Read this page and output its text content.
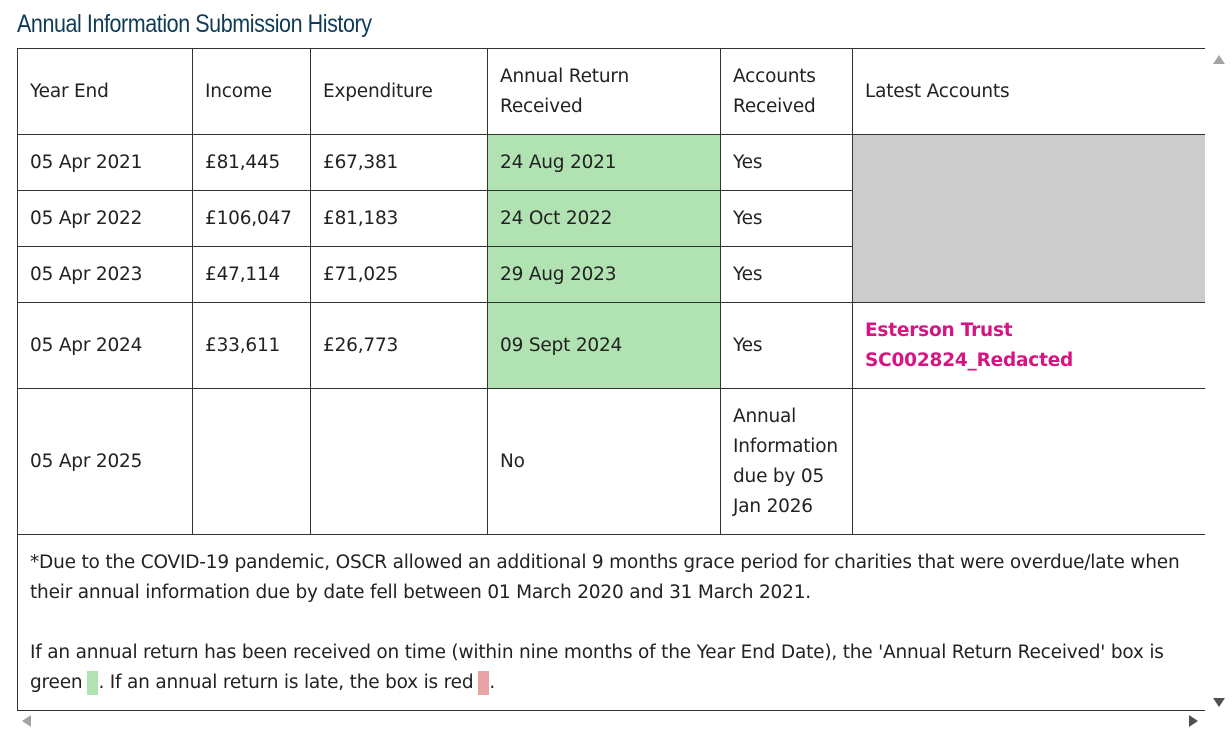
Annual Information Submission History
Year End	Income	Expenditure	Annual Return Received	Accounts Received	Latest Accounts
05 Apr 2021	£81,445	£67,381	24 Aug 2021	Yes	
05 Apr 2022	£106,047	£81,183	24 Oct 2022	Yes	
05 Apr 2023	£47,114	£71,025	29 Aug 2023	Yes	
05 Apr 2024	£33,611	£26,773	09 Sept 2024	Yes	Esterson Trust SC002824_Redacted
05 Apr 2025			No	Annual Information due by 05 Jan 2026	

*Due to the COVID-19 pandemic, OSCR allowed an additional 9 months grace period for charities that were overdue/late when their annual information due by date fell between 01 March 2020 and 31 March 2021.

If an annual return has been received on time (within nine months of the Year End Date), the 'Annual Return Received' box is green . If an annual return is late, the box is red .					
